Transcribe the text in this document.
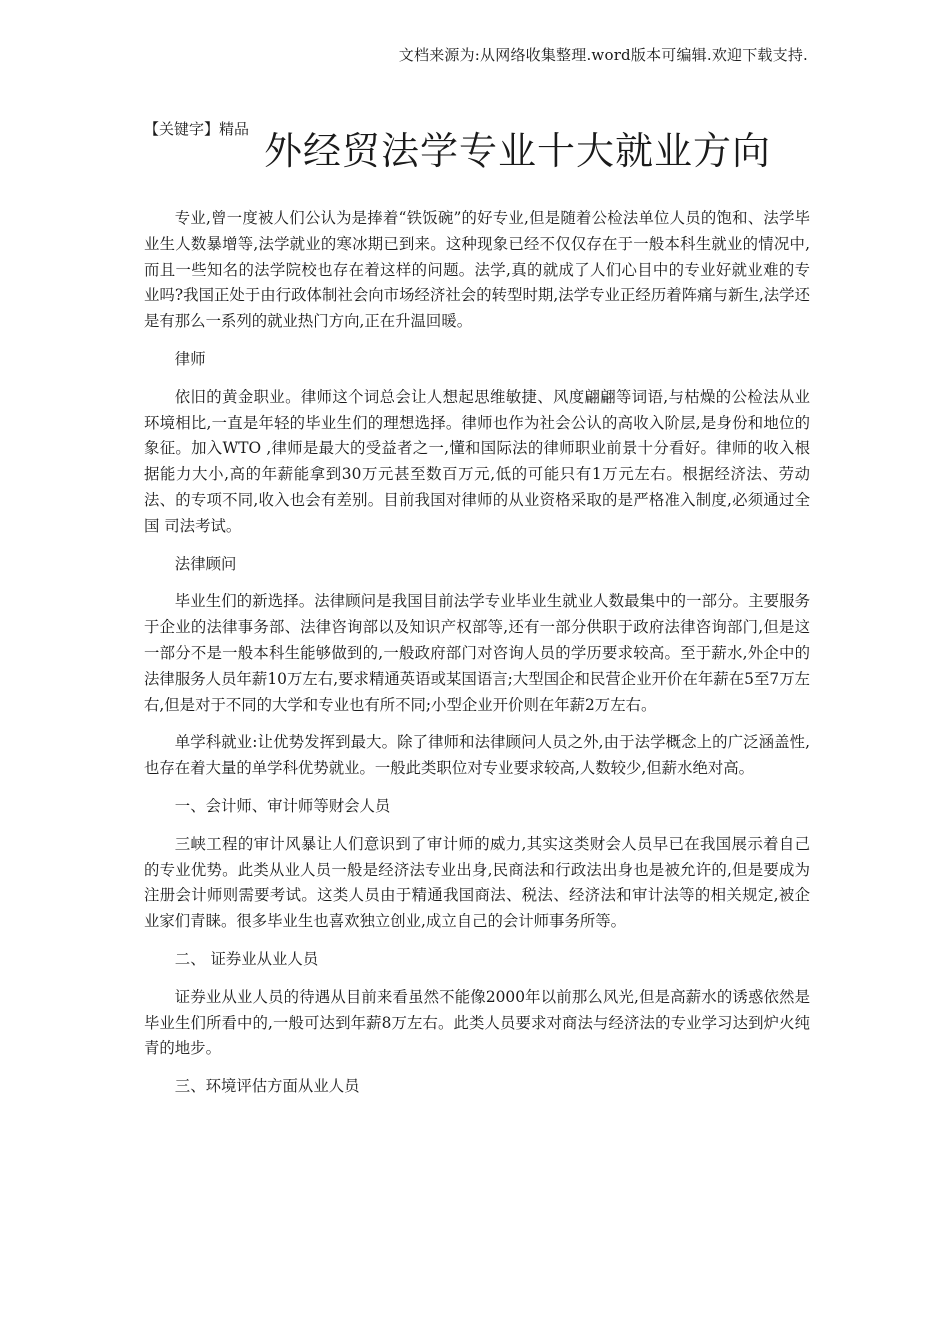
文档来源为:从网络收集整理.word版本可编辑.欢迎下载支持.
【关键字】精品 外经贸法学专业十大就业方向

专业,曾一度被人们公认为是捧着“铁饭碗”的好专业,但是随着公检法单位人员的饱和、法学毕业生人数暴增等,法学就业的寒冰期已到来。这种现象已经不仅仅存在于一般本科生就业的情况中,而且一些知名的法学院校也存在着这样的问题。法学,真的就成了人们心目中的专业好就业难的专业吗?我国正处于由行政体制社会向市场经济社会的转型时期,法学专业正经历着阵痛与新生,法学还是有那么一系列的就业热门方向,正在升温回暖。

律师

依旧的黄金职业。律师这个词总会让人想起思维敏捷、风度翩翩等词语,与枯燥的公检法从业环境相比,一直是年轻的毕业生们的理想选择。律师也作为社会公认的高收入阶层,是身份和地位的象征。加入WTO ,律师是最大的受益者之一,懂和国际法的律师职业前景十分看好。律师的收入根据能力大小,高的年薪能拿到30万元甚至数百万元,低的可能只有1万元左右。根据经济法、劳动法、的专项不同,收入也会有差别。目前我国对律师的从业资格采取的是严格准入制度,必须通过全国 司法考试。

法律顾问

毕业生们的新选择。法律顾问是我国目前法学专业毕业生就业人数最集中的一部分。主要服务于企业的法律事务部、法律咨询部以及知识产权部等,还有一部分供职于政府法律咨询部门,但是这一部分不是一般本科生能够做到的,一般政府部门对咨询人员的学历要求较高。至于薪水,外企中的法律服务人员年薪10万左右,要求精通英语或某国语言;大型国企和民营企业开价在年薪在5至7万左右,但是对于不同的大学和专业也有所不同;小型企业开价则在年薪2万左右。

单学科就业:让优势发挥到最大。除了律师和法律顾问人员之外,由于法学概念上的广泛涵盖性,也存在着大量的单学科优势就业。一般此类职位对专业要求较高,人数较少,但薪水绝对高。

一、会计师、审计师等财会人员

三峡工程的审计风暴让人们意识到了审计师的威力,其实这类财会人员早已在我国展示着自己的专业优势。此类从业人员一般是经济法专业出身,民商法和行政法出身也是被允许的,但是要成为注册会计师则需要考试。这类人员由于精通我国商法、税法、经济法和审计法等的相关规定,被企业家们青睐。很多毕业生也喜欢独立创业,成立自己的会计师事务所等。

二、 证券业从业人员

证券业从业人员的待遇从目前来看虽然不能像2000年以前那么风光,但是高薪水的诱惑依然是毕业生们所看中的,一般可达到年薪8万左右。此类人员要求对商法与经济法的专业学习达到炉火纯青的地步。

三、环境评估方面从业人员
